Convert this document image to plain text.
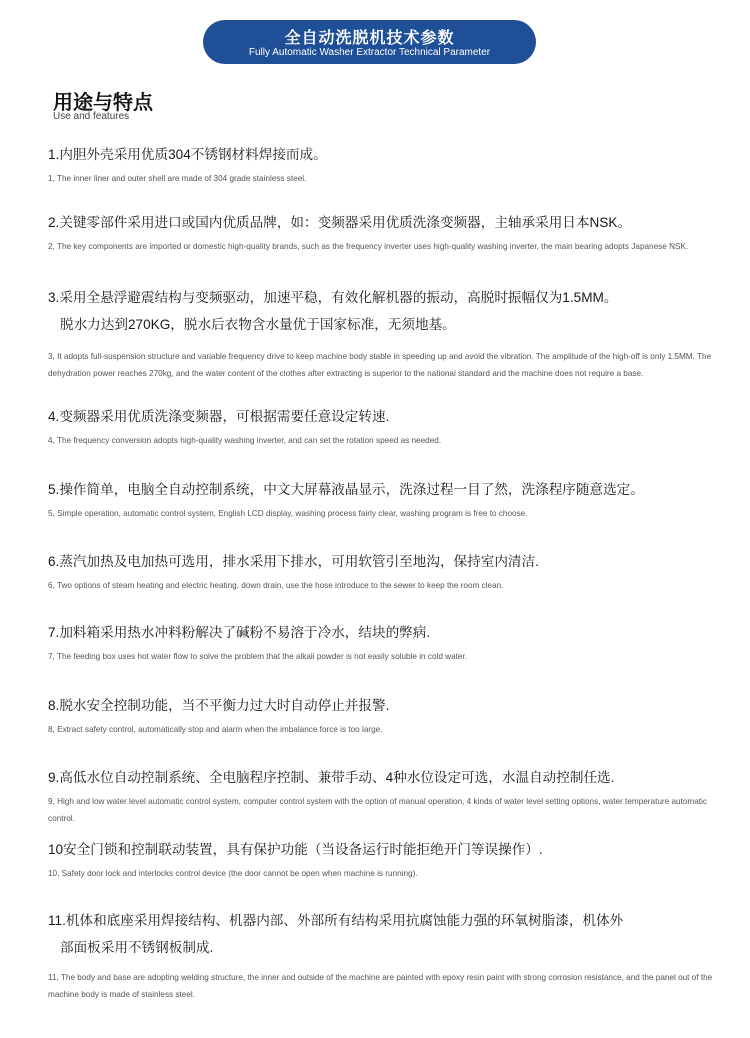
全自动洗脱机技术参数
Fully Automatic Washer Extractor Technical Parameter
用途与特点
Use and features
1.内胆外壳采用优质304不锈钢材料焊接而成。
1, The inner liner and outer shell are made of 304 grade stainless steel.
2.关键零部件采用进口或国内优质品牌，如：变频器采用优质洗涤变频器，主轴承采用日本NSK。
2, The key components are imported or domestic high-quality brands, such as the frequency inverter uses high-quality washing inverter, the main bearing adopts Japanese NSK.
3.采用全悬浮避震结构与变频驱动，加速平稳，有效化解机器的振动，高脱时振幅仅为1.5MM。
脱水力达到270KG，脱水后衣物含水量优于国家标准，无须地基。
3, It adopts full-suspension structure and variable frequency drive to keep machine body stable in speeding up and avoid the vibration. The amplitude of the high-off is only 1.5MM. The dehydration power reaches 270kg, and the water content of the clothes after extracting is superior to the national standard and the machine does not require a base.
4.变频器采用优质洗涤变频器，可根据需要任意设定转速.
4, The frequency conversion adopts high-quality washing inverter, and can set the rotation speed as needed.
5.操作简单，电脑全自动控制系统，中文大屏幕液晶显示，洗涤过程一目了然，洗涤程序随意选定。
5, Simple operation, automatic control system, English LCD display, washing process fairly clear, washing program is free to choose.
6.蒸汽加热及电加热可选用，排水采用下排水，可用软管引至地沟，保持室内清洁.
6, Two options of steam heating and electric heating, down drain, use the hose introduce to the sewer to keep the room clean.
7.加料箱采用热水冲料粉解决了碱粉不易溶于冷水，结块的弊病.
7, The feeding box uses hot water flow to solve the problem that the alkali powder is not easily soluble in cold water.
8.脱水安全控制功能，当不平衡力过大时自动停止并报警.
8, Extract safety control, automatically stop and alarm when the imbalance force is too large.
9.高低水位自动控制系统、全电脑程序控制、兼带手动、4种水位设定可选，水温自动控制任选.
9, High and low water level automatic control system, computer control system with the option of manual operation, 4 kinds of water level setting options, water temperature automatic control.
10安全门锁和控制联动装置，具有保护功能（当设备运行时能拒绝开门等误操作）.
10, Safety door lock and interlocks control device (the door cannot be open when machine is running).
11.机体和底座采用焊接结构、机器内部、外部所有结构采用抗腐蚀能力强的环氧树脂漆，机体外
部面板采用不锈钢板制成.
11, The body and base are adopting welding structure, the inner and outside of the machine are painted with epoxy resin paint with strong corrosion resistance, and the panel out of the machine body is made of stainless steel.
